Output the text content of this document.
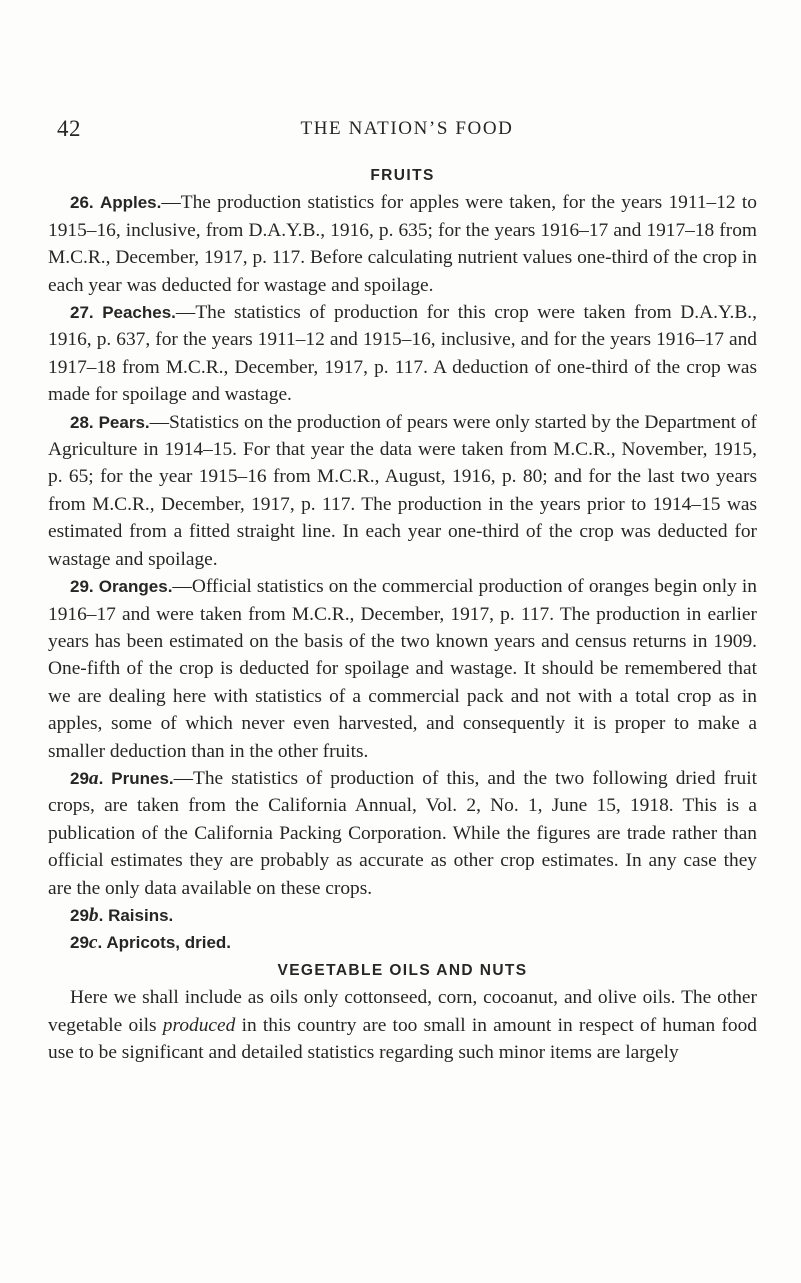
42	THE NATION’S FOOD
FRUITS

26. Apples.—The production statistics for apples were taken, for the years 1911–12 to 1915–16, inclusive, from D.A.Y.B., 1916, p. 635; for the years 1916–17 and 1917–18 from M.C.R., December, 1917, p. 117. Before calculating nutrient values one-third of the crop in each year was deducted for wastage and spoilage.

27. Peaches.—The statistics of production for this crop were taken from D.A.Y.B., 1916, p. 637, for the years 1911–12 and 1915–16, inclusive, and for the years 1916–17 and 1917–18 from M.C.R., December, 1917, p. 117. A deduction of one-third of the crop was made for spoilage and wastage.

28. Pears.—Statistics on the production of pears were only started by the Department of Agriculture in 1914–15. For that year the data were taken from M.C.R., November, 1915, p. 65; for the year 1915–16 from M.C.R., August, 1916, p. 80; and for the last two years from M.C.R., December, 1917, p. 117. The production in the years prior to 1914–15 was estimated from a fitted straight line. In each year one-third of the crop was deducted for wastage and spoilage.

29. Oranges.—Official statistics on the commercial production of oranges begin only in 1916–17 and were taken from M.C.R., December, 1917, p. 117. The production in earlier years has been estimated on the basis of the two known years and census returns in 1909. One-fifth of the crop is deducted for spoilage and wastage. It should be remembered that we are dealing here with statistics of a commercial pack and not with a total crop as in apples, some of which never even harvested, and consequently it is proper to make a smaller deduction than in the other fruits.

29a. Prunes.—The statistics of production of this, and the two following dried fruit crops, are taken from the California Annual, Vol. 2, No. 1, June 15, 1918. This is a publication of the California Packing Corporation. While the figures are trade rather than official estimates they are probably as accurate as other crop estimates. In any case they are the only data available on these crops.

29b. Raisins.

29c. Apricots, dried.

VEGETABLE OILS AND NUTS

Here we shall include as oils only cottonseed, corn, cocoanut, and olive oils. The other vegetable oils produced in this country are too small in amount in respect of human food use to be significant and detailed statistics regarding such minor items are largely
